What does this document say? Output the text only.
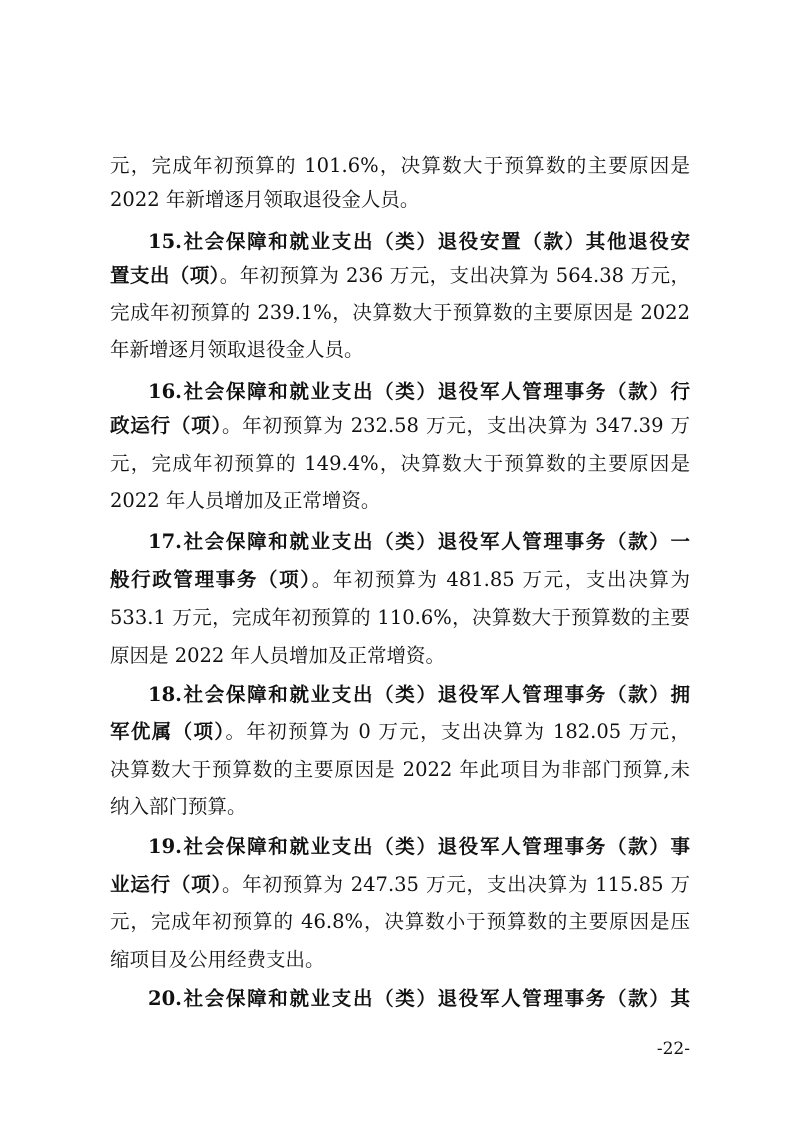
元，完成年初预算的 101.6%，决算数大于预算数的主要原因是
2022 年新增逐月领取退役金人员。
15.社会保障和就业支出（类）退役安置（款）其他退役安
置支出（项）。年初预算为 236 万元，支出决算为 564.38 万元，
完成年初预算的 239.1%，决算数大于预算数的主要原因是 2022
年新增逐月领取退役金人员。
16.社会保障和就业支出（类）退役军人管理事务（款）行
政运行（项）。年初预算为 232.58 万元，支出决算为 347.39 万
元，完成年初预算的 149.4%，决算数大于预算数的主要原因是
2022 年人员增加及正常增资。
17.社会保障和就业支出（类）退役军人管理事务（款）一
般行政管理事务（项）。年初预算为 481.85 万元，支出决算为
533.1 万元，完成年初预算的 110.6%，决算数大于预算数的主要
原因是 2022 年人员增加及正常增资。
18.社会保障和就业支出（类）退役军人管理事务（款）拥
军优属（项）。年初预算为 0 万元，支出决算为 182.05 万元，
决算数大于预算数的主要原因是 2022 年此项目为非部门预算,未
纳入部门预算。
19.社会保障和就业支出（类）退役军人管理事务（款）事
业运行（项）。年初预算为 247.35 万元，支出决算为 115.85 万
元，完成年初预算的 46.8%，决算数小于预算数的主要原因是压
缩项目及公用经费支出。
20.社会保障和就业支出（类）退役军人管理事务（款）其
-22-
